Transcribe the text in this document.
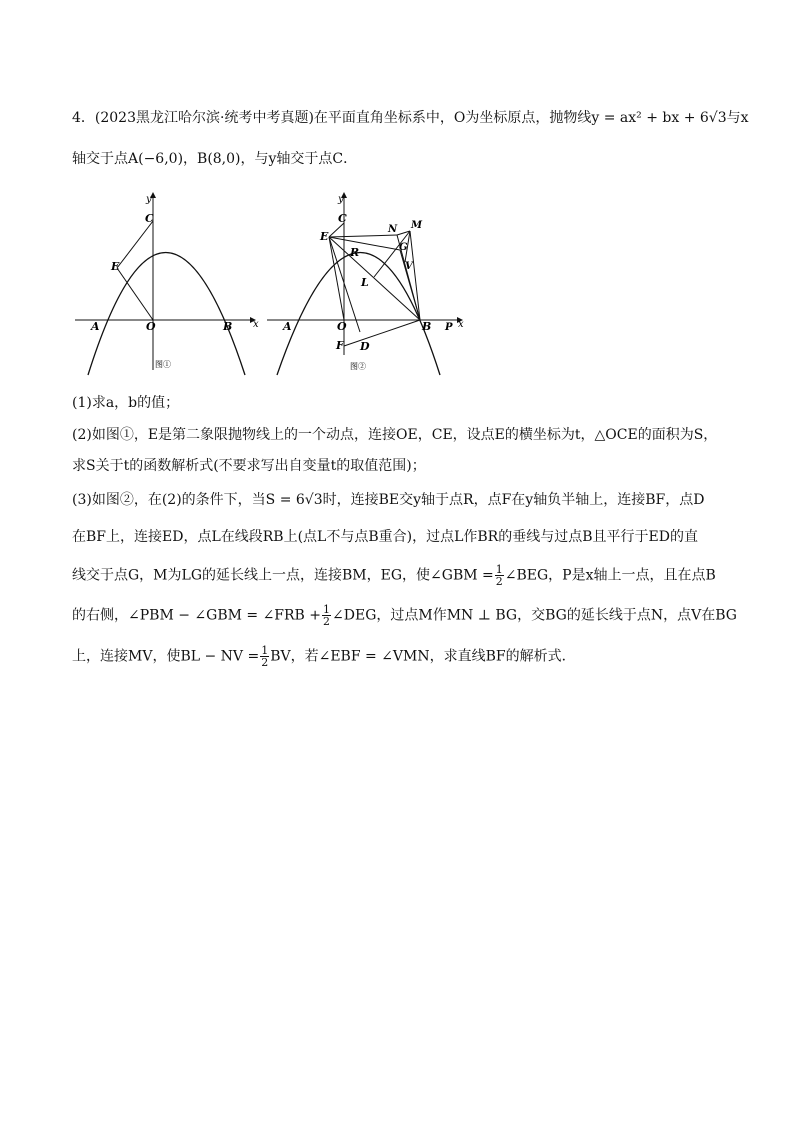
4．(2023黑龙江哈尔滨·统考中考真题)在平面直角坐标系中，O为坐标原点，抛物线y = ax² + bx + 6√3与x
轴交于点A(−6,0)，B(8,0)，与y轴交于点C．
y
x
C
E
A	O	B
图①
y
x
C
E
R
N M
G
V
L
A	O	B P
F D
图②
(1)求a，b的值；
(2)如图①，E是第二象限抛物线上的一个动点，连接OE，CE，设点E的横坐标为t，△OCE的面积为S，
求S关于t的函数解析式(不要求写出自变量t的取值范围)；
(3)如图②，在(2)的条件下，当S = 6√3时，连接BE交y轴于点R，点F在y轴负半轴上，连接BF，点D
在BF上，连接ED，点L在线段RB上(点L不与点B重合)，过点L作BR的垂线与过点B且平行于ED的直
线交于点G，M为LG的延长线上一点，连接BM，EG，使∠GBM = $\frac{1}{2}$ ∠BEG，P是x轴上一点，且在点B
的右侧，∠PBM − ∠GBM = ∠FRB + $\frac{1}{2}$ ∠DEG，过点M作MN ⊥ BG，交BG的延长线于点N，点V在BG
上，连接MV，使BL − NV = $\frac{1}{2}$ BV，若∠EBF = ∠VMN，求直线BF的解析式．
